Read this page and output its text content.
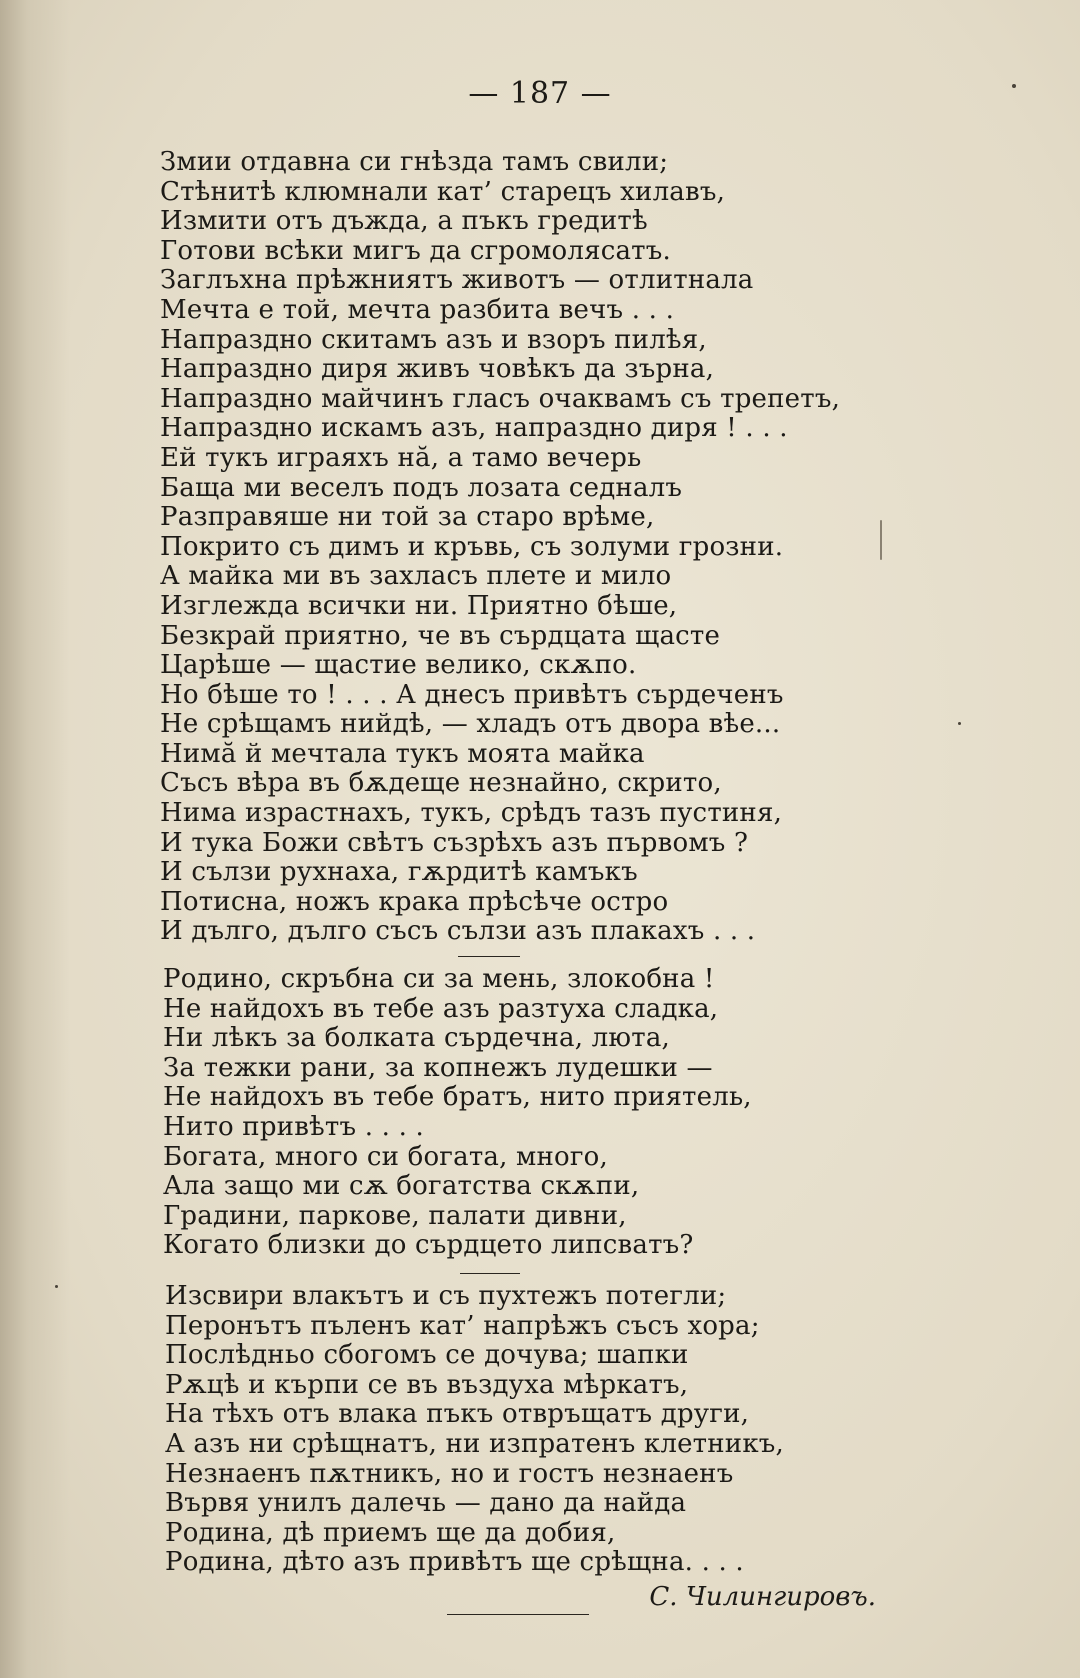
— 187 —
Змии отдавна си гнѣзда тамъ свили;
Стѣнитѣ клюмнали кат’ старецъ хилавъ,
Измити отъ дъжда, а пъкъ гредитѣ
Готови всѣки мигъ да сгромолясатъ.
Заглъхна прѣжниятъ животъ — отлитнала
Мечта е той, мечта разбита вечъ . . .
Напраздно скитамъ азъ и взоръ пилѣя,
Напраздно диря живъ човѣкъ да зърна,
Напраздно майчинъ гласъ очаквамъ съ трепетъ,
Напраздно искамъ азъ, напраздно диря ! . . .
Ей тукъ играяхъ нӑ, а тамо вечерь
Баща ми веселъ подъ лозата седналъ
Разправяше ни той за старо врѣме,
Покрито съ димъ и кръвь, съ золуми грозни.
А майка ми въ захласъ плете и мило
Изглежда всички ни. Приятно бѣше,
Безкрай приятно, че въ сърдцата щасте
Царѣше — щастие велико, скѫпо.
Но бѣше то ! . . . А днесъ привѣтъ сърдеченъ
Не срѣщамъ нийдѣ, — хладъ отъ двора вѣе...
Нимӑ й мечтала тукъ моята майка
Съсъ вѣра въ бѫдеще незнайно, скрито,
Нима израстнахъ, тукъ, срѣдъ тазъ пустиня,
И тука Божи свѣтъ съзрѣхъ азъ първомъ ?
И сълзи рухнаха, гѫрдитѣ камъкъ
Потисна, ножъ крака прѣсѣче остро
И дълго, дълго съсъ сълзи азъ плакахъ . . .
Родино, скръбна си за мень, злокобна !
Не найдохъ въ тебе азъ разтуха сладка,
Ни лѣкъ за болката сърдечна, люта,
За тежки рани, за копнежъ лудешки —
Не найдохъ въ тебе братъ, нито приятель,
Нито привѣтъ . . . .
Богата, много си богата, много,
Ала защо ми сѫ богатства скѫпи,
Градини, паркове, палати дивни,
Когато близки до сърдцето липсватъ?
Изсвири влакътъ и съ пухтежъ потегли;
Перонътъ пъленъ кат’ напрѣжъ съсъ хора;
Послѣдньо сбогомъ се дочува; шапки
Рѫцѣ и кърпи се въ въздуха мѣркатъ,
На тѣхъ отъ влака пъкъ отвръщатъ други,
А азъ ни срѣщнатъ, ни изпратенъ клетникъ,
Незнаенъ пѫтникъ, но и гостъ незнаенъ
Вървя унилъ далечь — дано да найда
Родина, дѣ приемъ ще да добия,
Родина, дѣто азъ привѣтъ ще срѣщна. . . .
С. Чилингировъ.
